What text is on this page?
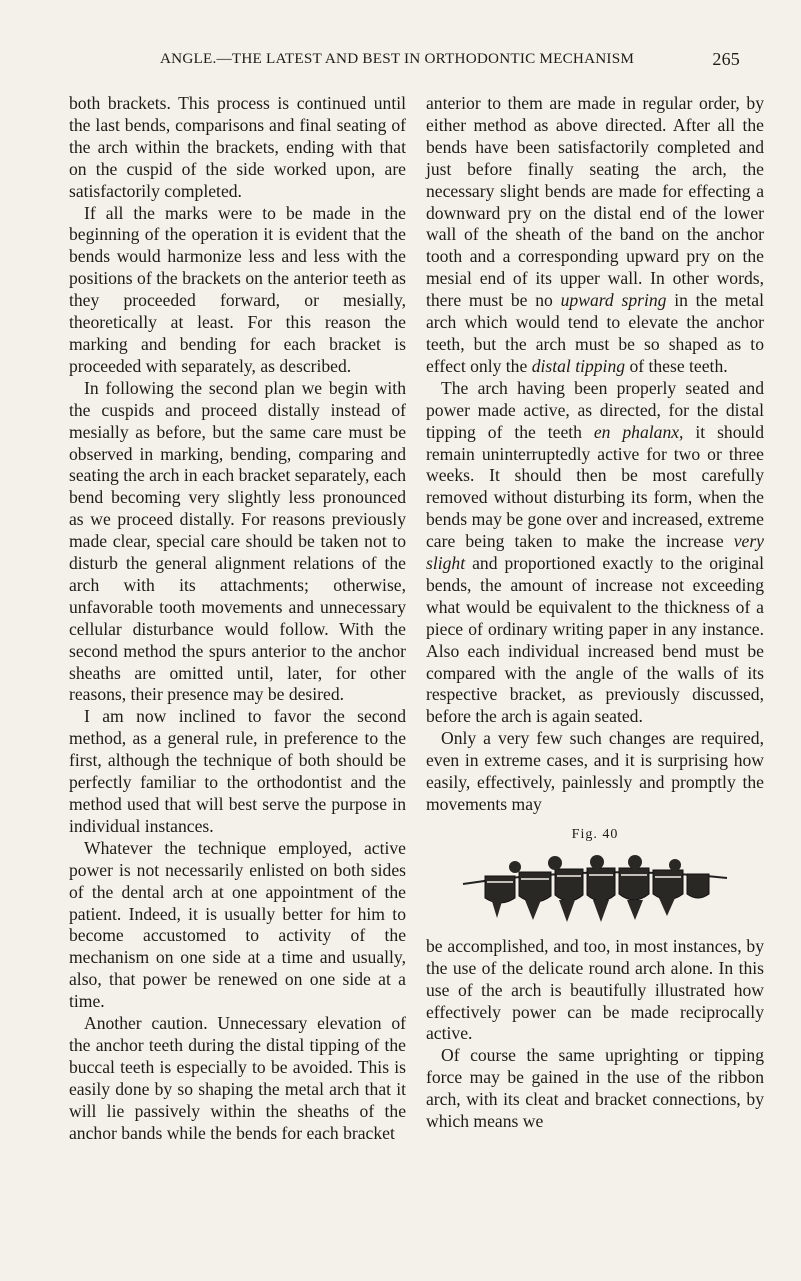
ANGLE.—THE LATEST AND BEST IN ORTHODONTIC MECHANISM	265

both brackets. This process is continued until the last bends, comparisons and final seating of the arch within the brackets, ending with that on the cuspid of the side worked upon, are satisfactorily completed.

If all the marks were to be made in the beginning of the operation it is evident that the bends would harmonize less and less with the positions of the brackets on the anterior teeth as they proceeded forward, or mesially, theoretically at least. For this reason the marking and bending for each bracket is proceeded with separately, as described.

In following the second plan we begin with the cuspids and proceed distally instead of mesially as before, but the same care must be observed in marking, bending, comparing and seating the arch in each bracket separately, each bend becoming very slightly less pronounced as we proceed distally. For reasons previously made clear, special care should be taken not to disturb the general alignment relations of the arch with its attachments; otherwise, unfavorable tooth movements and unnecessary cellular disturbance would follow. With the second method the spurs anterior to the anchor sheaths are omitted until, later, for other reasons, their presence may be desired.

I am now inclined to favor the second method, as a general rule, in preference to the first, although the technique of both should be perfectly familiar to the orthodontist and the method used that will best serve the purpose in individual instances.

Whatever the technique employed, active power is not necessarily enlisted on both sides of the dental arch at one appointment of the patient. Indeed, it is usually better for him to become accustomed to activity of the mechanism on one side at a time and usually, also, that power be renewed on one side at a time.

Another caution. Unnecessary elevation of the anchor teeth during the distal tipping of the buccal teeth is especially to be avoided. This is easily done by so shaping the metal arch that it will lie passively within the sheaths of the anchor bands while the bends for each bracket

anterior to them are made in regular order, by either method as above directed. After all the bends have been satisfactorily completed and just before finally seating the arch, the necessary slight bends are made for effecting a downward pry on the distal end of the lower wall of the sheath of the band on the anchor tooth and a corresponding upward pry on the mesial end of its upper wall. In other words, there must be no upward spring in the metal arch which would tend to elevate the anchor teeth, but the arch must be so shaped as to effect only the distal tipping of these teeth.

The arch having been properly seated and power made active, as directed, for the distal tipping of the teeth en phalanx, it should remain uninterruptedly active for two or three weeks. It should then be most carefully removed without disturbing its form, when the bends may be gone over and increased, extreme care being taken to make the increase very slight and proportioned exactly to the original bends, the amount of increase not exceeding what would be equivalent to the thickness of a piece of ordinary writing paper in any instance. Also each individual increased bend must be compared with the angle of the walls of its respective bracket, as previously discussed, before the arch is again seated.

Only a very few such changes are required, even in extreme cases, and it is surprising how easily, effectively, painlessly and promptly the movements may

Fig. 40

be accomplished, and too, in most instances, by the use of the delicate round arch alone. In this use of the arch is beautifully illustrated how effectively power can be made reciprocally active.

Of course the same uprighting or tipping force may be gained in the use of the ribbon arch, with its cleat and bracket connections, by which means we
